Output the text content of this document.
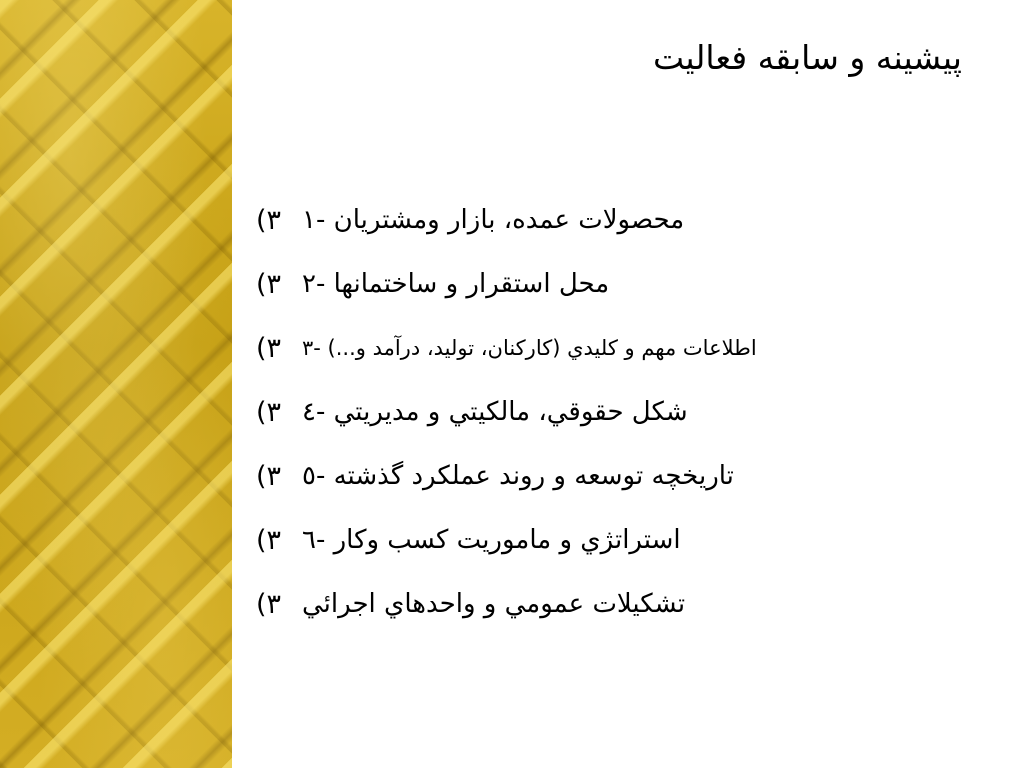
پيشينه و سابقه فعاليت
(٣ محصولات عمده، بازار ومشتريان -١
(٣ محل استقرار و ساختمانها -٢
(٣ اطلاعات مهم و كليدي (كاركنان، توليد، درآمد و...) -٣
(٣ شكل حقوقي، مالكيتي و مديريتي -٤
(٣ تاريخچه توسعه و روند عملكرد گذشته -٥
(٣ استراتژي و ماموريت كسب وكار -٦
(٣ تشكيلات عمومي و واحدهاي اجرائي
